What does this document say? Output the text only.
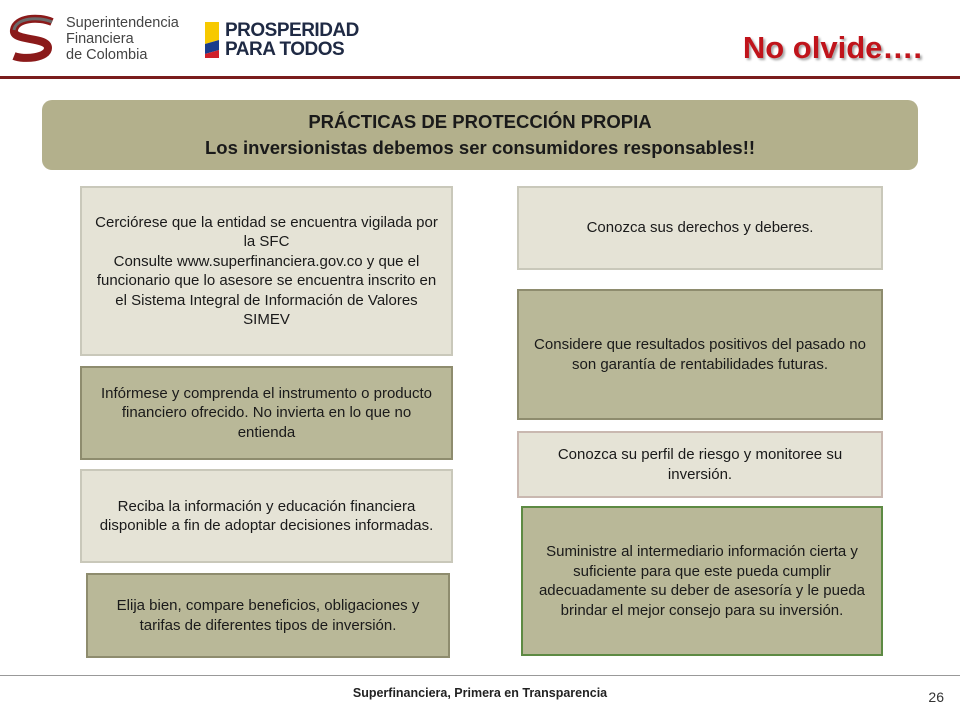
Superintendencia
Financiera
de Colombia
PROSPERIDAD
PARA TODOS	No olvide….
PRÁCTICAS DE PROTECCIÓN PROPIA
Los inversionistas debemos ser consumidores responsables!!
Cerciórese que la entidad se encuentra vigilada por la SFC
Consulte www.superfinanciera.gov.co y que el funcionario que lo asesore se encuentra inscrito en el Sistema Integral de Información de Valores SIMEV
Infórmese y comprenda el instrumento o producto financiero ofrecido. No invierta en lo que no entienda
Reciba la información y educación financiera disponible a fin de adoptar decisiones informadas.
Elija bien, compare beneficios, obligaciones y tarifas de diferentes tipos de inversión.
Conozca sus derechos y deberes.
Considere que resultados positivos del pasado no son garantía de rentabilidades futuras.
Conozca su perfil de riesgo y monitoree su inversión.
Suministre al intermediario información cierta y suficiente para que este pueda cumplir adecuadamente su deber de asesoría y le pueda brindar el mejor consejo para su inversión.
Superfinanciera, Primera en Transparencia	26
